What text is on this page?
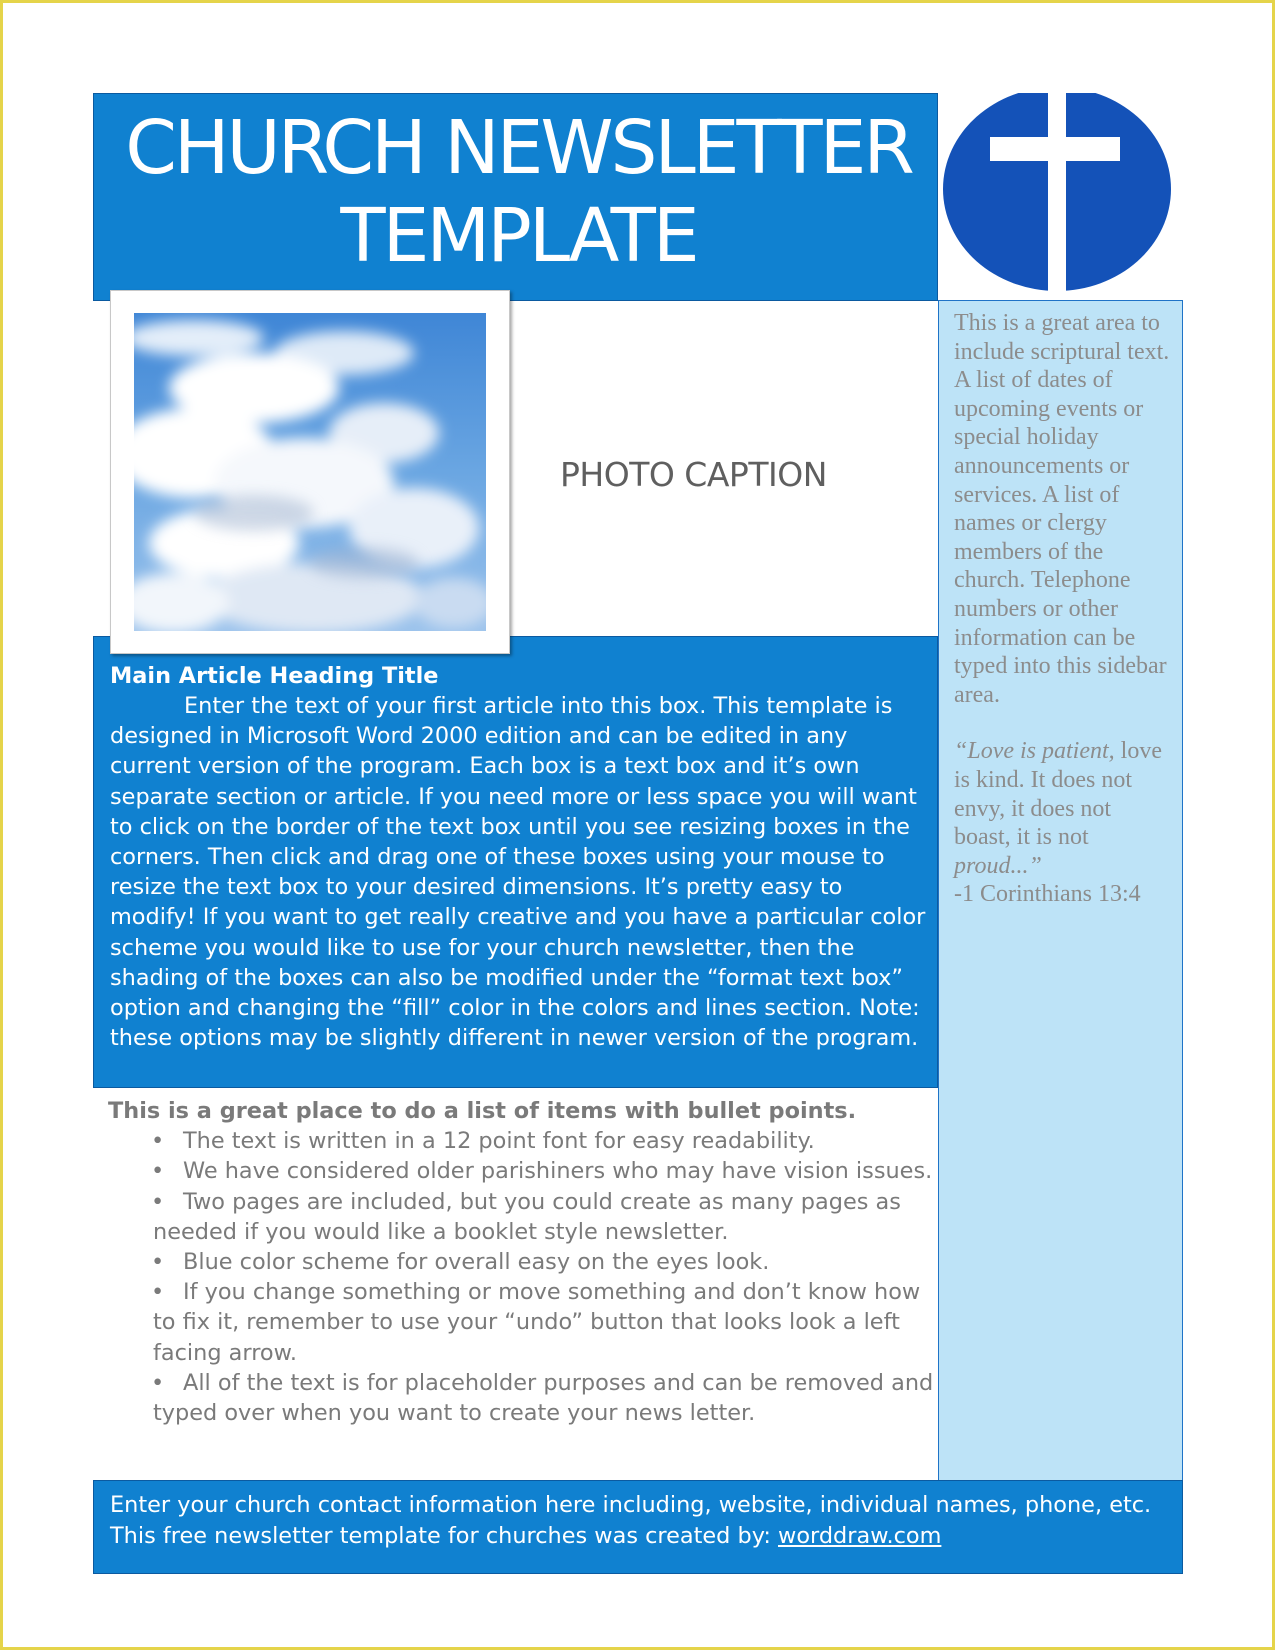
CHURCH NEWSLETTER
TEMPLATE

This is a great area to include scriptural text. A list of dates of upcoming events or special holiday announcements or services. A list of names or clergy members of the church. Telephone numbers or other information can be typed into this sidebar area.

“Love is patient, love is kind. It does not envy, it does not boast, it is not proud...”

-1 Corinthians 13:4

Main Article Heading Title

Enter the text of your first article into this box. This template is designed in Microsoft Word 2000 edition and can be edited in any current version of the program. Each box is a text box and it’s own separate section or article. If you need more or less space you will want to click on the border of the text box until you see resizing boxes in the corners. Then click and drag one of these boxes using your mouse to resize the text box to your desired dimensions. It’s pretty easy to modify! If you want to get really creative and you have a particular color scheme you would like to use for your church newsletter, then the shading of the boxes can also be modified under the “format text box” option and changing the “fill” color in the colors and lines section. Note: these options may be slightly different in newer version of the program.

PHOTO CAPTION
This is a great place to do a list of items with bullet points.
• The text is written in a 12 point font for easy readability.
• We have considered older parishiners who may have vision issues.
• Two pages are included, but you could create as many pages as needed if you would like a booklet style newsletter.
• Blue color scheme for overall easy on the eyes look.
• If you change something or move something and don’t know how to fix it, remember to use your “undo” button that looks look a left facing arrow.
• All of the text is for placeholder purposes and can be removed and typed over when you want to create your news letter.

Enter your church contact information here including, website, individual names, phone, etc.

This free newsletter template for churches was created by: worddraw.com
